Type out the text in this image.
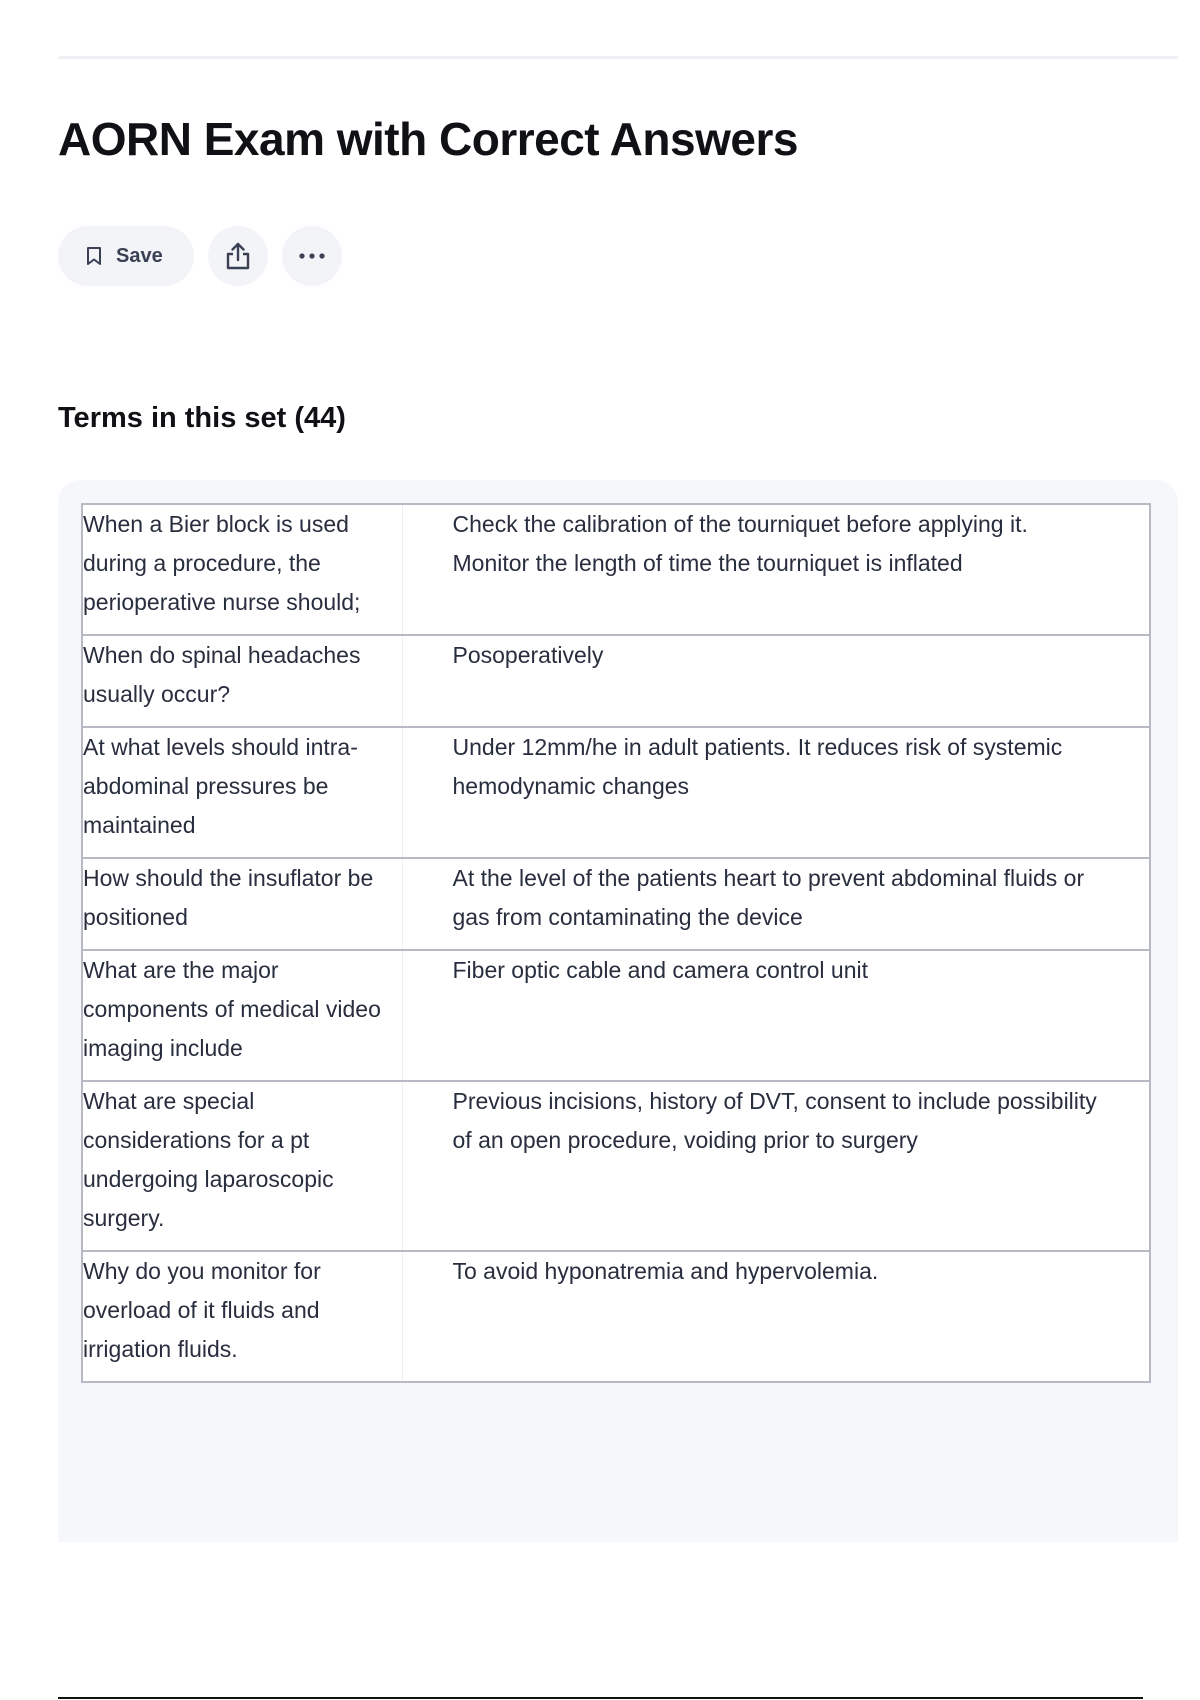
AORN Exam with Correct Answers
Save
Terms in this set (44)
When a Bier block is used during a procedure, the perioperative nurse should;	Check the calibration of the tourniquet before applying it. Monitor the length of time the tourniquet is inflated
When do spinal headaches usually occur?	Posoperatively
At what levels should intra-abdominal pressures be maintained	Under 12mm/he in adult patients. It reduces risk of systemic hemodynamic changes
How should the insuflator be positioned	At the level of the patients heart to prevent abdominal fluids or gas from contaminating the device
What are the major components of medical video imaging include	Fiber optic cable and camera control unit
What are special considerations for a pt undergoing laparoscopic surgery.	Previous incisions, history of DVT, consent to include possibility of an open procedure, voiding prior to surgery
Why do you monitor for overload of it fluids and irrigation fluids.	To avoid hyponatremia and hypervolemia.
